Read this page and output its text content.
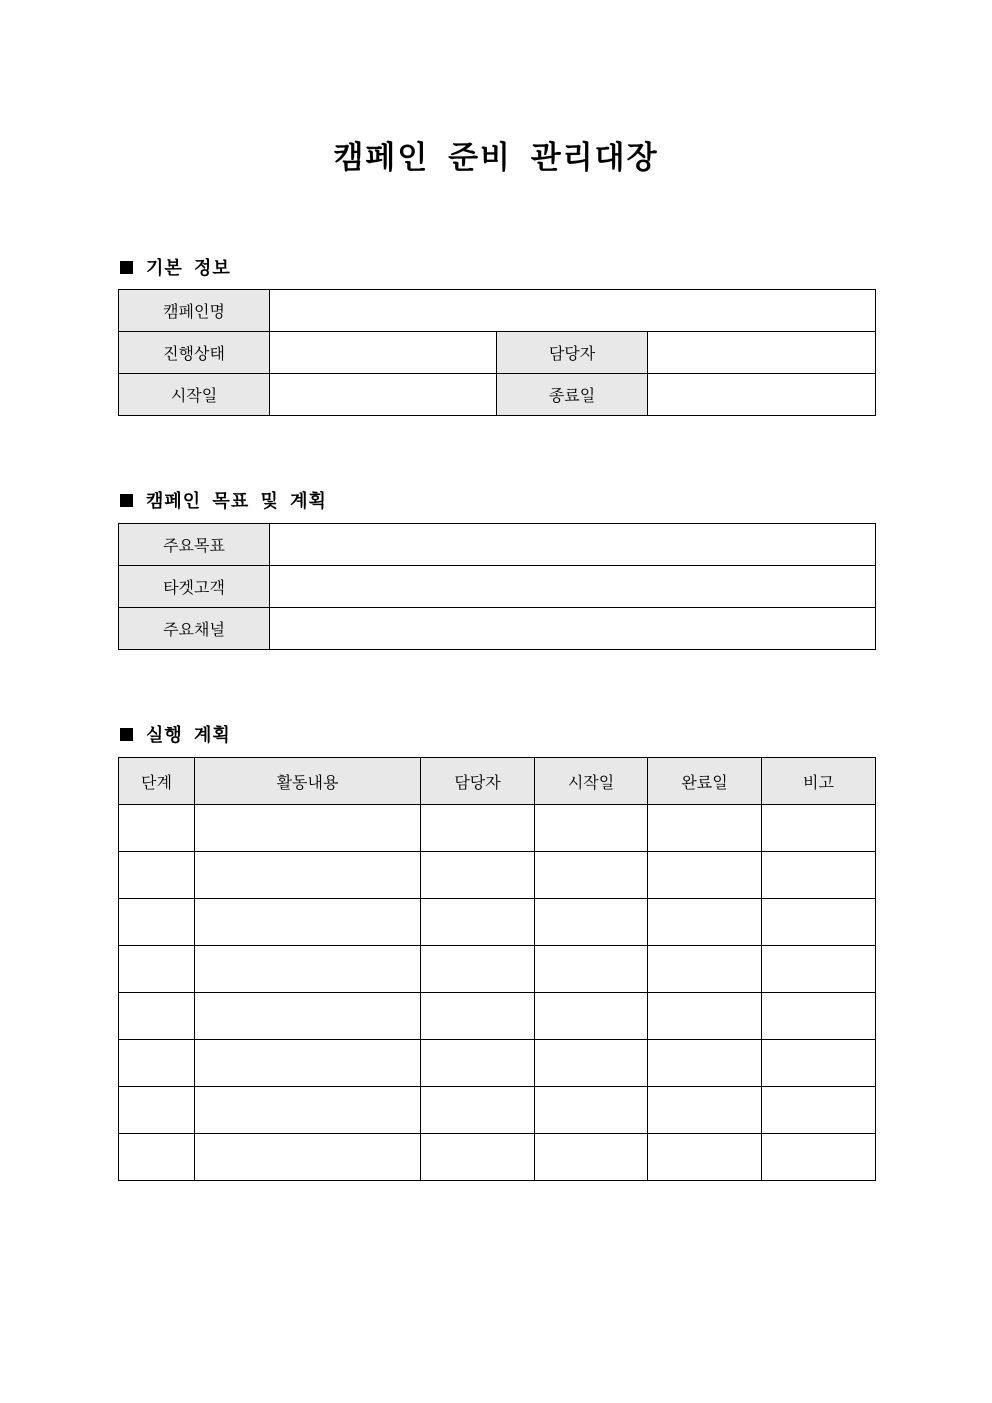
캠페인 준비 관리대장
기본 정보
캠페인명			
진행상태		담당자	
시작일		종료일	
캠페인 목표 및 계획
주요목표	
타겟고객	
주요채널	
실행 계획
단계	활동내용	담당자	시작일	완료일	비고
